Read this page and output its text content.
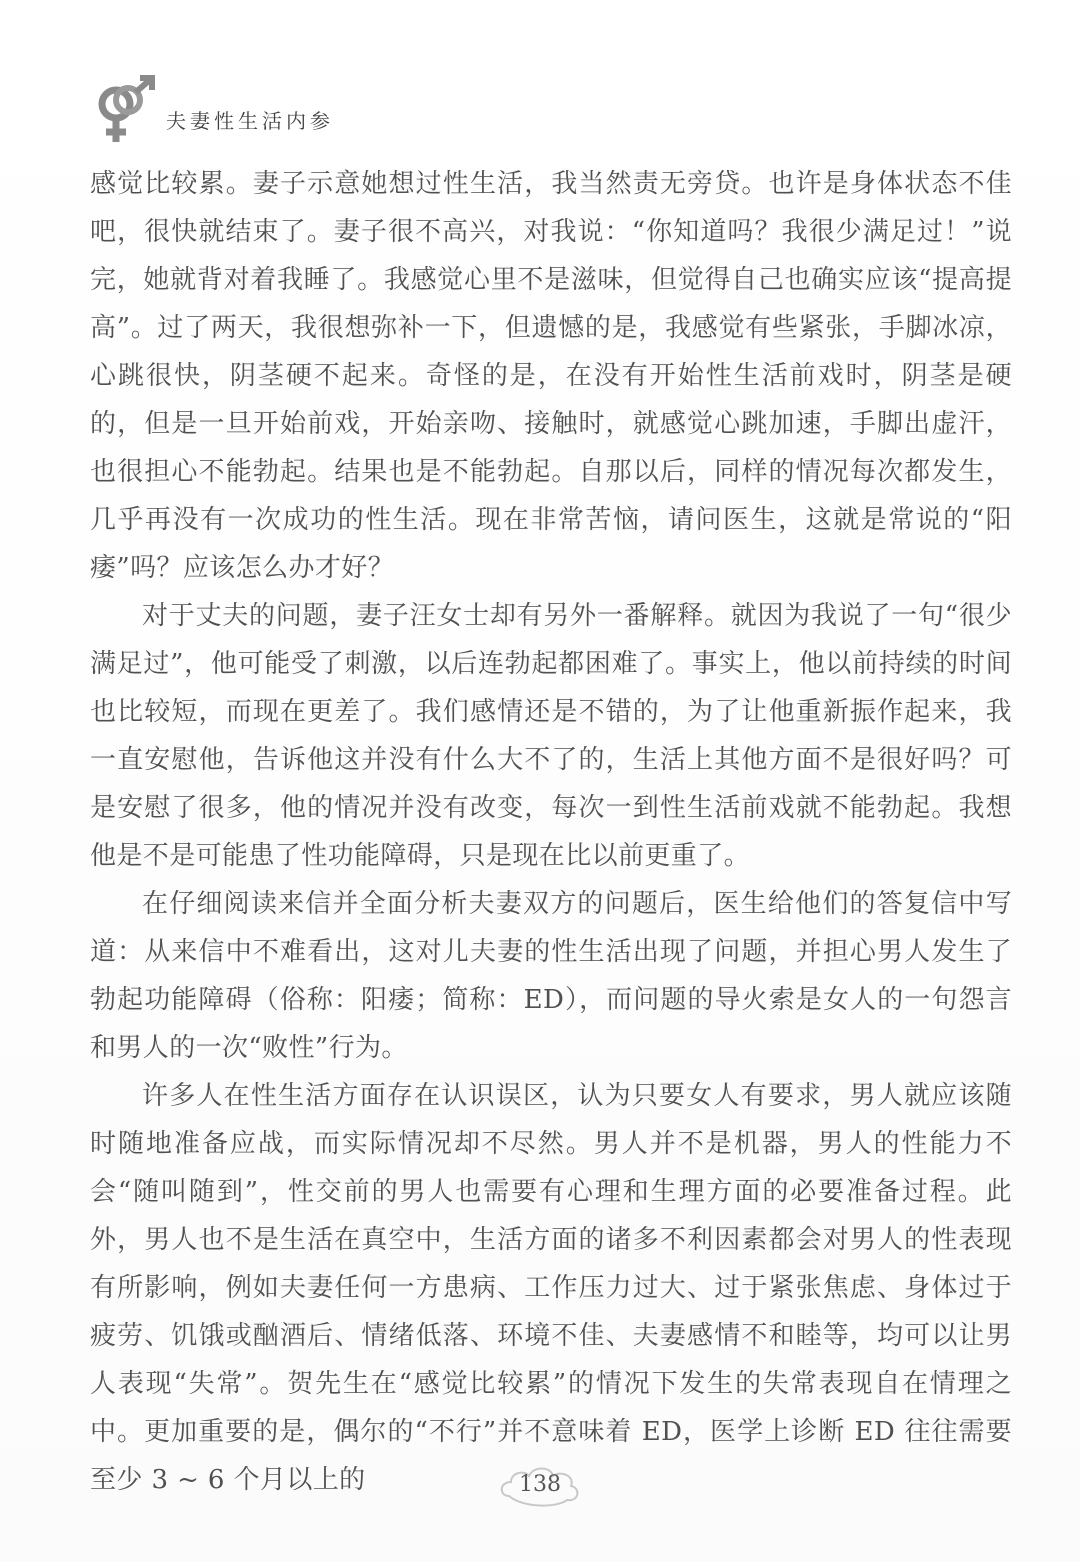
夫妻性生活内参

感觉比较累。妻子示意她想过性生活，我当然责无旁贷。也许是身体状态不佳吧，很快就结束了。妻子很不高兴，对我说：“你知道吗？我很少满足过！”说完，她就背对着我睡了。我感觉心里不是滋味，但觉得自己也确实应该“提高提高”。过了两天，我很想弥补一下，但遗憾的是，我感觉有些紧张，手脚冰凉，心跳很快，阴茎硬不起来。奇怪的是，在没有开始性生活前戏时，阴茎是硬的，但是一旦开始前戏，开始亲吻、接触时，就感觉心跳加速，手脚出虚汗，也很担心不能勃起。结果也是不能勃起。自那以后，同样的情况每次都发生，几乎再没有一次成功的性生活。现在非常苦恼，请问医生，这就是常说的“阳痿”吗？应该怎么办才好？

对于丈夫的问题，妻子汪女士却有另外一番解释。就因为我说了一句“很少满足过”，他可能受了刺激，以后连勃起都困难了。事实上，他以前持续的时间也比较短，而现在更差了。我们感情还是不错的，为了让他重新振作起来，我一直安慰他，告诉他这并没有什么大不了的，生活上其他方面不是很好吗？可是安慰了很多，他的情况并没有改变，每次一到性生活前戏就不能勃起。我想他是不是可能患了性功能障碍，只是现在比以前更重了。

在仔细阅读来信并全面分析夫妻双方的问题后，医生给他们的答复信中写道：从来信中不难看出，这对儿夫妻的性生活出现了问题，并担心男人发生了勃起功能障碍（俗称：阳痿；简称：ED），而问题的导火索是女人的一句怨言和男人的一次“败性”行为。

许多人在性生活方面存在认识误区，认为只要女人有要求，男人就应该随时随地准备应战，而实际情况却不尽然。男人并不是机器，男人的性能力不会“随叫随到”，性交前的男人也需要有心理和生理方面的必要准备过程。此外，男人也不是生活在真空中，生活方面的诸多不利因素都会对男人的性表现有所影响，例如夫妻任何一方患病、工作压力过大、过于紧张焦虑、身体过于疲劳、饥饿或酗酒后、情绪低落、环境不佳、夫妻感情不和睦等，均可以让男人表现“失常”。贺先生在“感觉比较累”的情况下发生的失常表现自在情理之中。更加重要的是，偶尔的“不行”并不意味着 ED，医学上诊断 ED 往往需要至少 3 ~ 6 个月以上的	138
